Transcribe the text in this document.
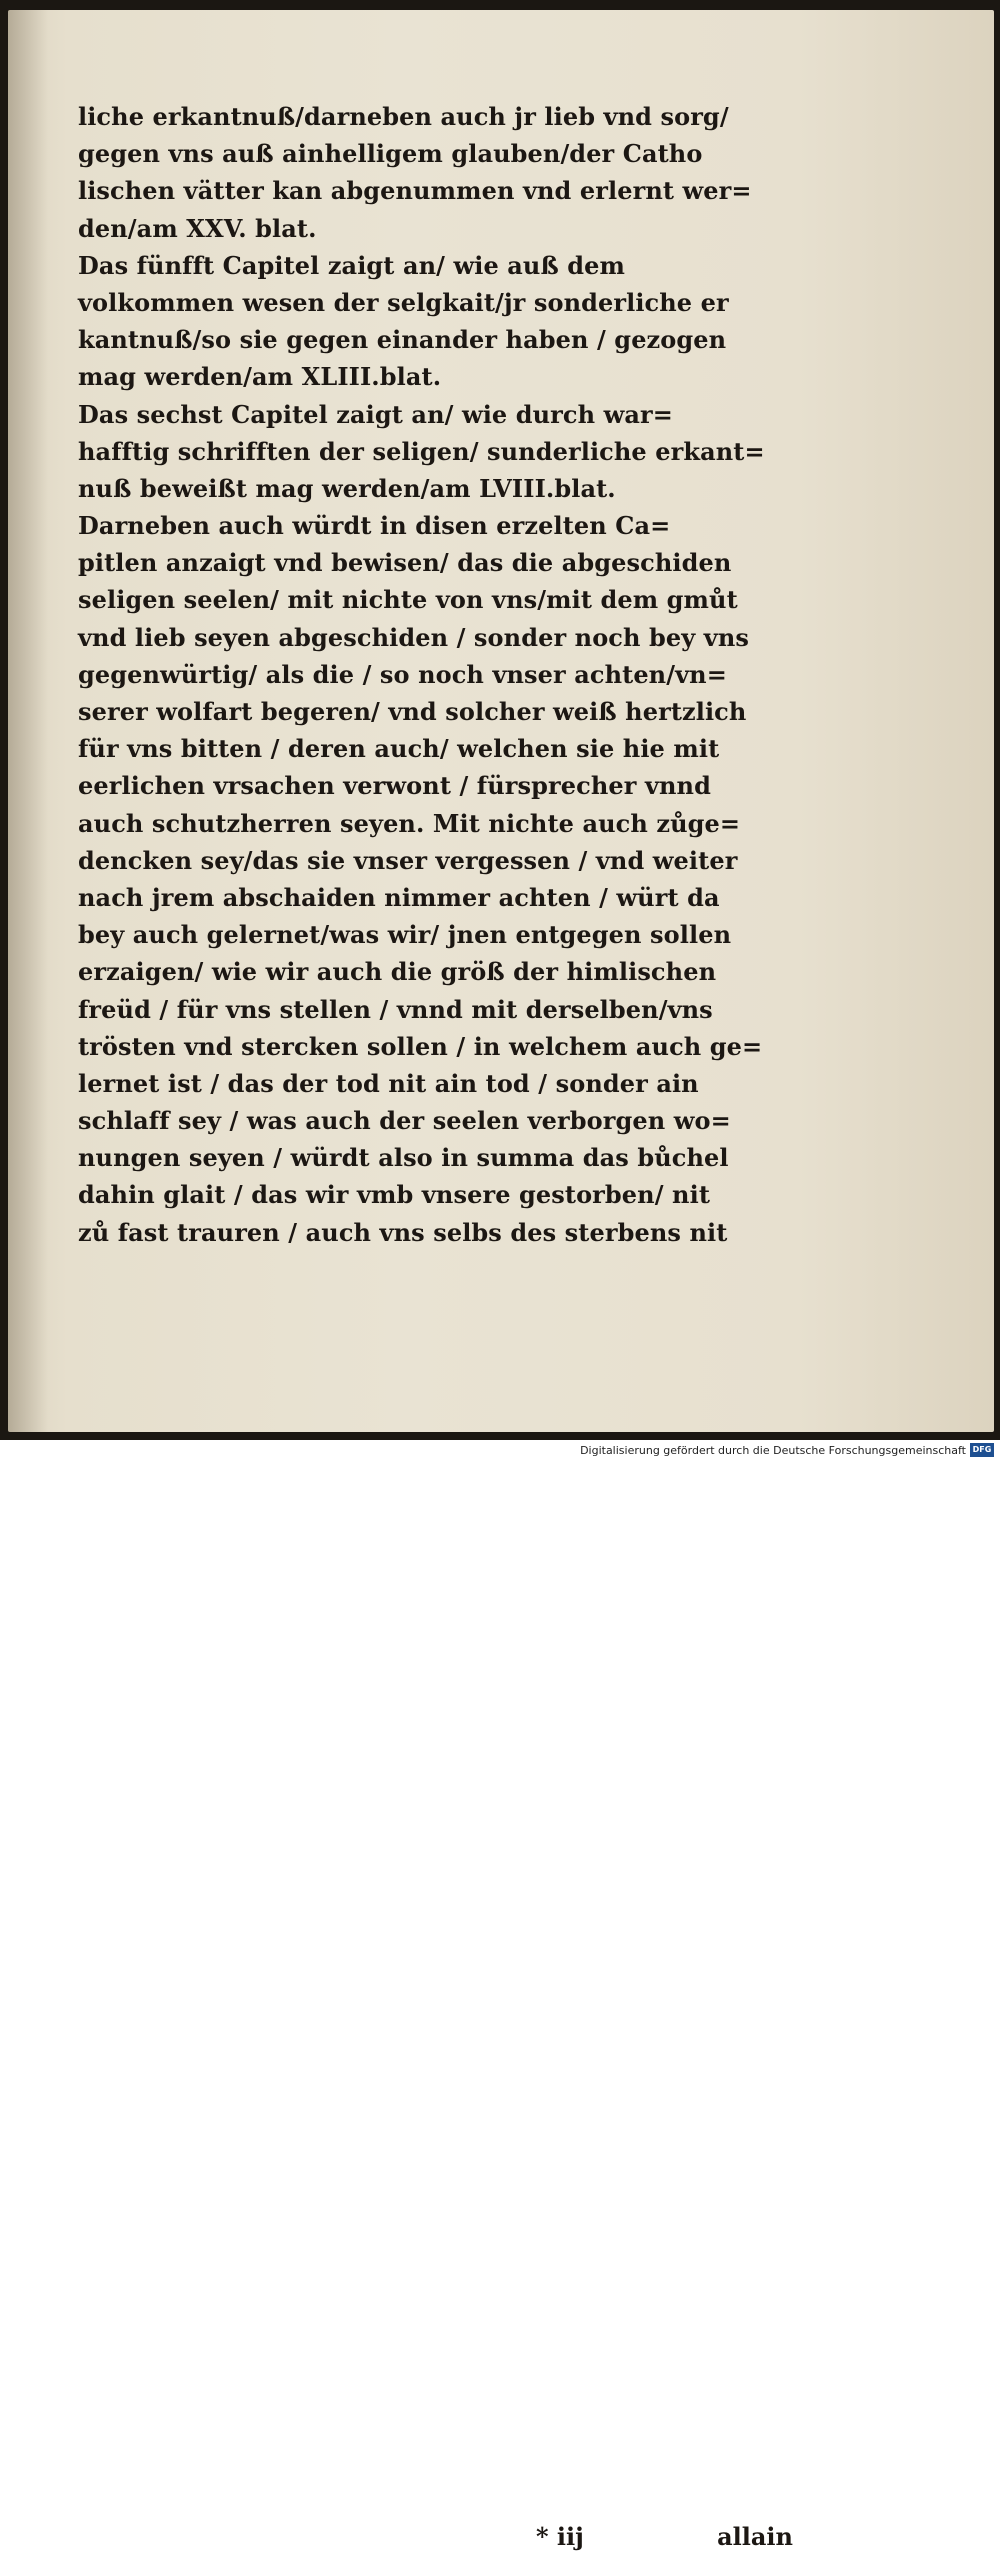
liche erkantnuß/darneben auch jr lieb vnd sorg/
gegen vns auß ainhelligem glauben/der Catho
lischen vätter kan abgenummen vnd erlernt wer=
den/am XXV. blat.
Das fünfft Capitel zaigt an/ wie auß dem
volkommen wesen der selgkait/jr sonderliche er
kantnuß/so sie gegen einander haben / gezogen
mag werden/am XLIII.blat.
Das sechst Capitel zaigt an/ wie durch war=
hafftig schrifften der seligen/ sunderliche erkant=
nuß beweißt mag werden/am LVIII.blat.
Darneben auch würdt in disen erzelten Ca=
pitlen anzaigt vnd bewisen/ das die abgeschiden
seligen seelen/ mit nichte von vns/mit dem gmůt
vnd lieb seyen abgeschiden / sonder noch bey vns
gegenwürtig/ als die / so noch vnser achten/vn=
serer wolfart begeren/ vnd solcher weiß hertzlich
für vns bitten / deren auch/ welchen sie hie mit
eerlichen vrsachen verwont / fürsprecher vnnd
auch schutzherren seyen. Mit nichte auch zůge=
dencken sey/das sie vnser vergessen / vnd weiter
nach jrem abschaiden nimmer achten / würt da
bey auch gelernet/was wir/ jnen entgegen sollen
erzaigen/ wie wir auch die größ der himlischen
freüd / für vns stellen / vnnd mit derselben/vns
trösten vnd stercken sollen / in welchem auch ge=
lernet ist / das der tod nit ain tod / sonder ain
schlaff sey / was auch der seelen verborgen wo=
nungen seyen / würdt also in summa das bůchel
dahin glait / das wir vmb vnsere gestorben/ nit
zů fast trauren / auch vns selbs des sterbens nit
* iij	allain
Digitalisierung gefördert durch die Deutsche Forschungsgemeinschaft DFG
